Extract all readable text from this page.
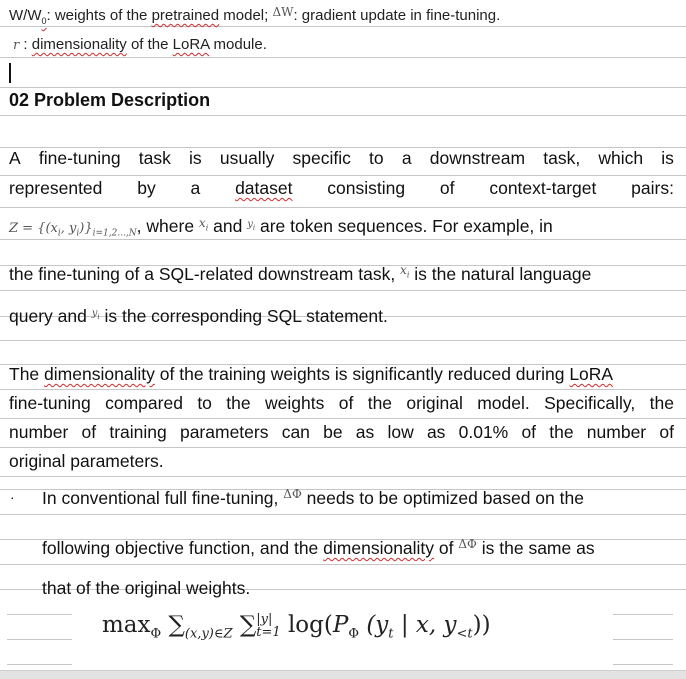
$W/W_0$: weights of the pretrained model; $^{\Delta W}$: gradient update in fine-tuning.
r : dimensionality of the LoRA module.
02 Problem Description
A fine-tuning task is usually specific to a downstream task, which is
represented by a dataset consisting of context-target pairs:
$Z = \{(x_i$, $y_i)\}_{i=1,2...,N}$, where $^{x_i}$ and $^{y_i}$ are token sequences. For example, in
the fine-tuning of a SQL-related downstream task, $^{x_i}$ is the natural language
query and $^{y_i}$ is the corresponding SQL statement.
The dimensionality of the training weights is significantly reduced during LoRA
fine-tuning compared to the weights of the original model. Specifically, the
number of training parameters can be as low as 0.01% of the number of
original parameters.
· In conventional full fine-tuning, $^{\Delta\Phi}$ needs to be optimized based on the
following objective function, and the dimensionality of $^{\Delta\Phi}$ is the same as
that of the original weights.
$\max_\Phi \sum_{(x,y)\in Z}$ ∑ |y|
t=1 $\log(P_\Phi$ ($y_t$ | x, $y_{<t}$))
